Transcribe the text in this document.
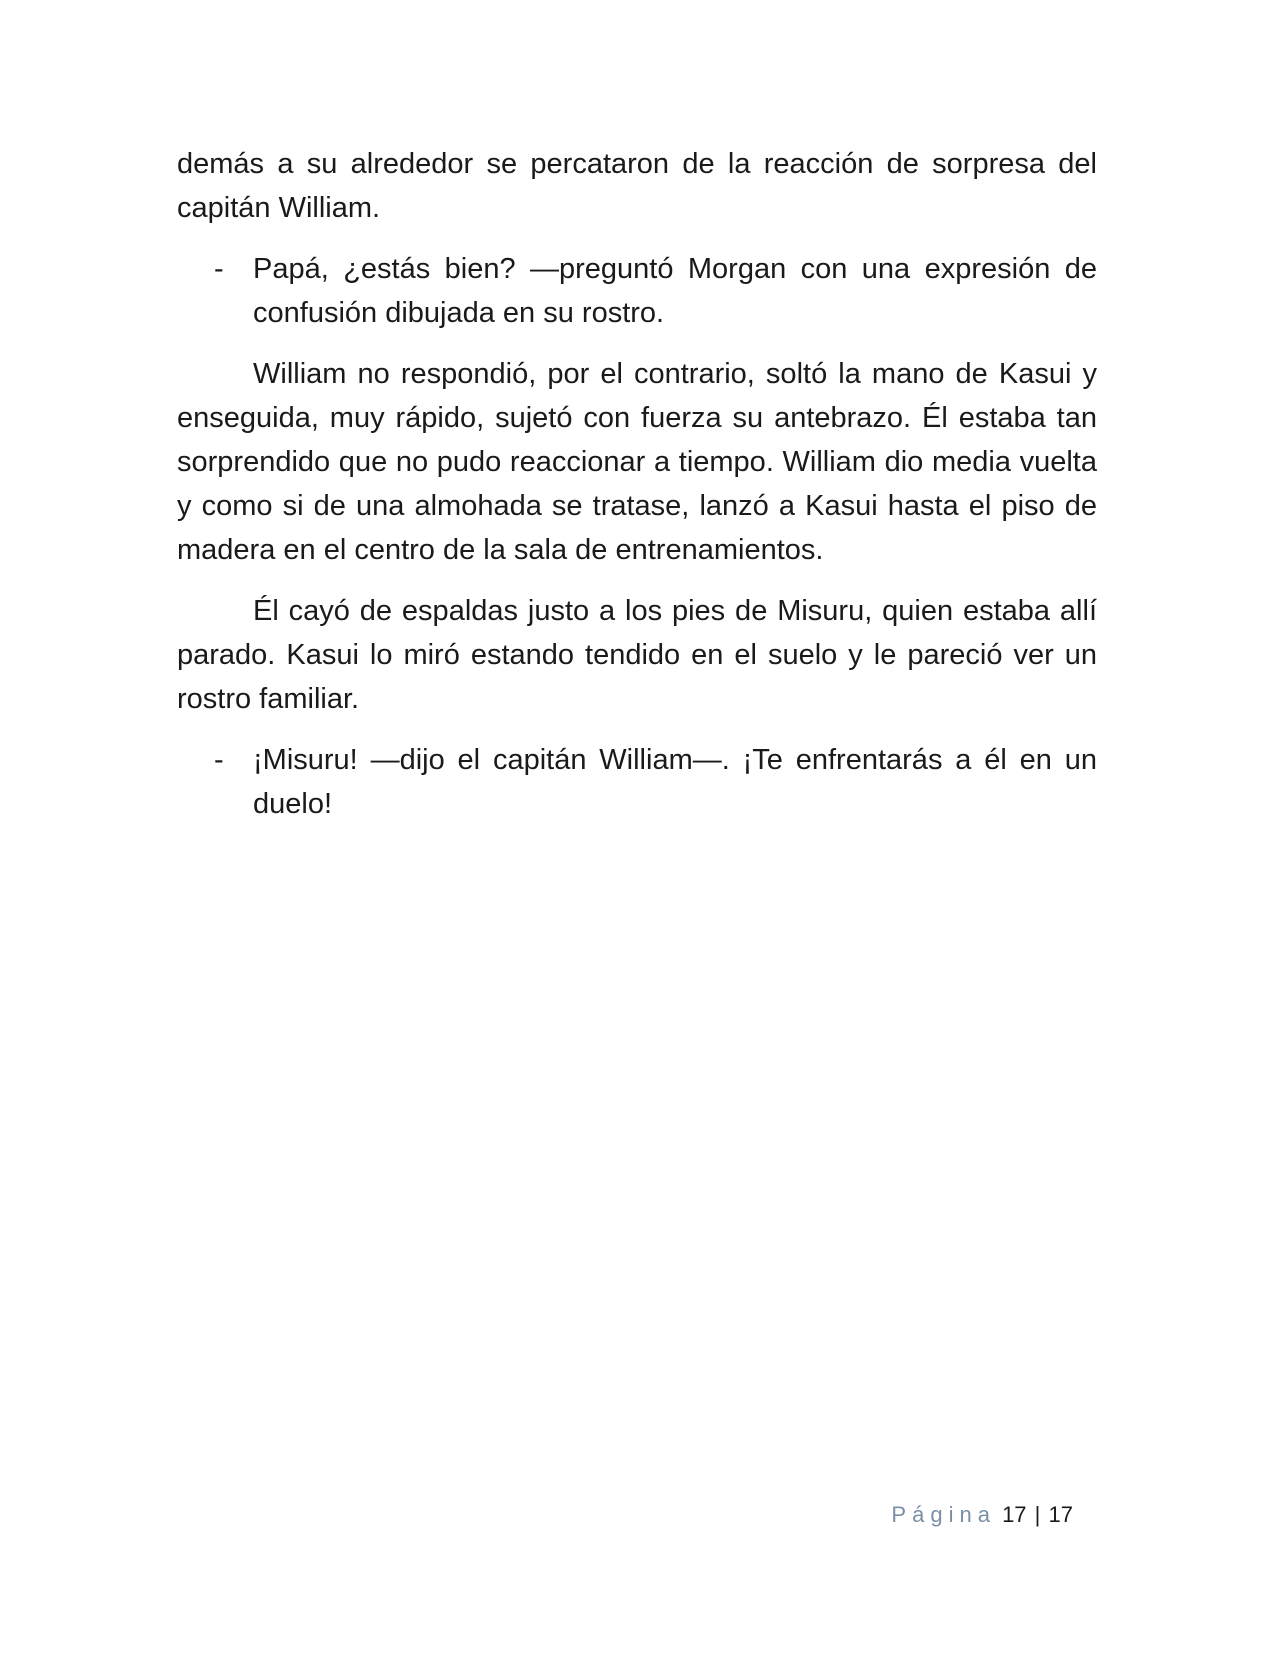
demás a su alrededor se percataron de la reacción de sorpresa del capitán William.

- Papá, ¿estás bien? —preguntó Morgan con una expresión de confusión dibujada en su rostro.

William no respondió, por el contrario, soltó la mano de Kasui y enseguida, muy rápido, sujetó con fuerza su antebrazo. Él estaba tan sorprendido que no pudo reaccionar a tiempo. William dio media vuelta y como si de una almohada se tratase, lanzó a Kasui hasta el piso de madera en el centro de la sala de entrenamientos.

Él cayó de espaldas justo a los pies de Misuru, quien estaba allí parado. Kasui lo miró estando tendido en el suelo y le pareció ver un rostro familiar.

- ¡Misuru! —dijo el capitán William—. ¡Te enfrentarás a él en un duelo!

Página 17 | 17
